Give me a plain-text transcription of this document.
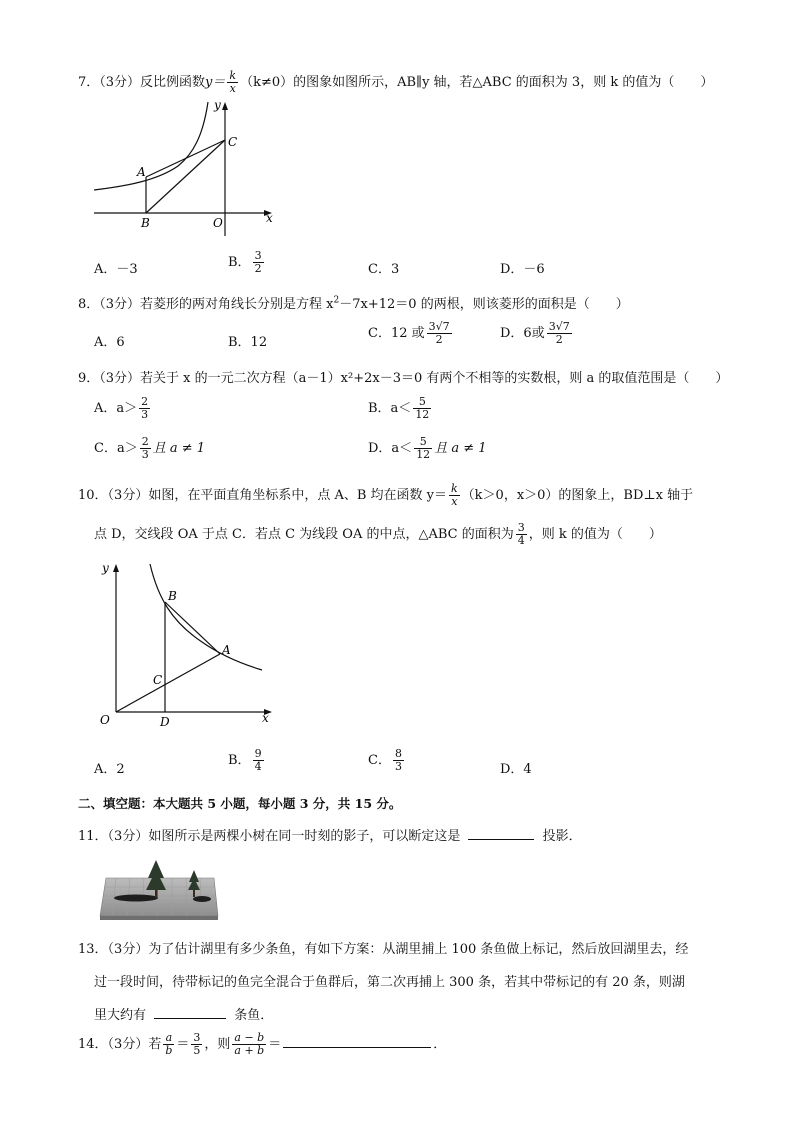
7．（3分）反比例函数$y= \frac{k}{x} (k\ne 0)$的图象如图所示，AB∥y 轴，若△ABC 的面积为 3，则 k 的值为（　　）
y
x
A
B
C
O
A．－3	B． $\frac{3}{2}$	C．3	D．－6
8．（3分）若菱形的两对角线长分别是方程 $x^2-7x+12=0$ 的两根，则该菱形的面积是（　　）
A．6	B．12
C．12 或 $\frac{3√7}{2}$	D．6或 $\frac{3√7}{2}$
9．（3分）若关于 x 的一元二次方程（a－1）x²+2x－3＝0 有两个不相等的实数根，则 a 的取值范围是（　　）
A．$a> \frac{2}{3}$	B．$a< \frac{5}{12}$
C．$a> \frac{2}{3}$ 且 a ≠ 1	D．$a< \frac{5}{12}$ 且 a ≠ 1
10．（3分）如图，在平面直角坐标系中，点 A、B 均在函数 $y= \frac{k}{x} (k>0$，x＞0）的图象上，BD⊥x 轴于
点 D，交线段 OA 于点 C．若点 C 为线段 OA 的中点，△ABC 的面积为 $\frac{3}{4}$ ，则 k 的值为（　　）
y
x
B
A
C
O	D
A．2
B． $\frac{9}{4}$	C． $\frac{8}{3}$	D．4
二、填空题：本大题共 5 小题，每小题 3 分，共 15 分。
11．（3分）如图所示是两棵小树在同一时刻的影子，可以断定这是	投影．
13．（3分）为了估计湖里有多少条鱼，有如下方案：从湖里捕上 100 条鱼做上标记，然后放回湖里去，经
过一段时间，待带标记的鱼完全混合于鱼群后，第二次再捕上 300 条，若其中带标记的有 20 条，则湖
里大约有	条鱼．
14．（3分）若 $\frac{a}{b} = \frac{3}{5}$ ，则 $\frac{a - b}{a + b}$ ＝	．
